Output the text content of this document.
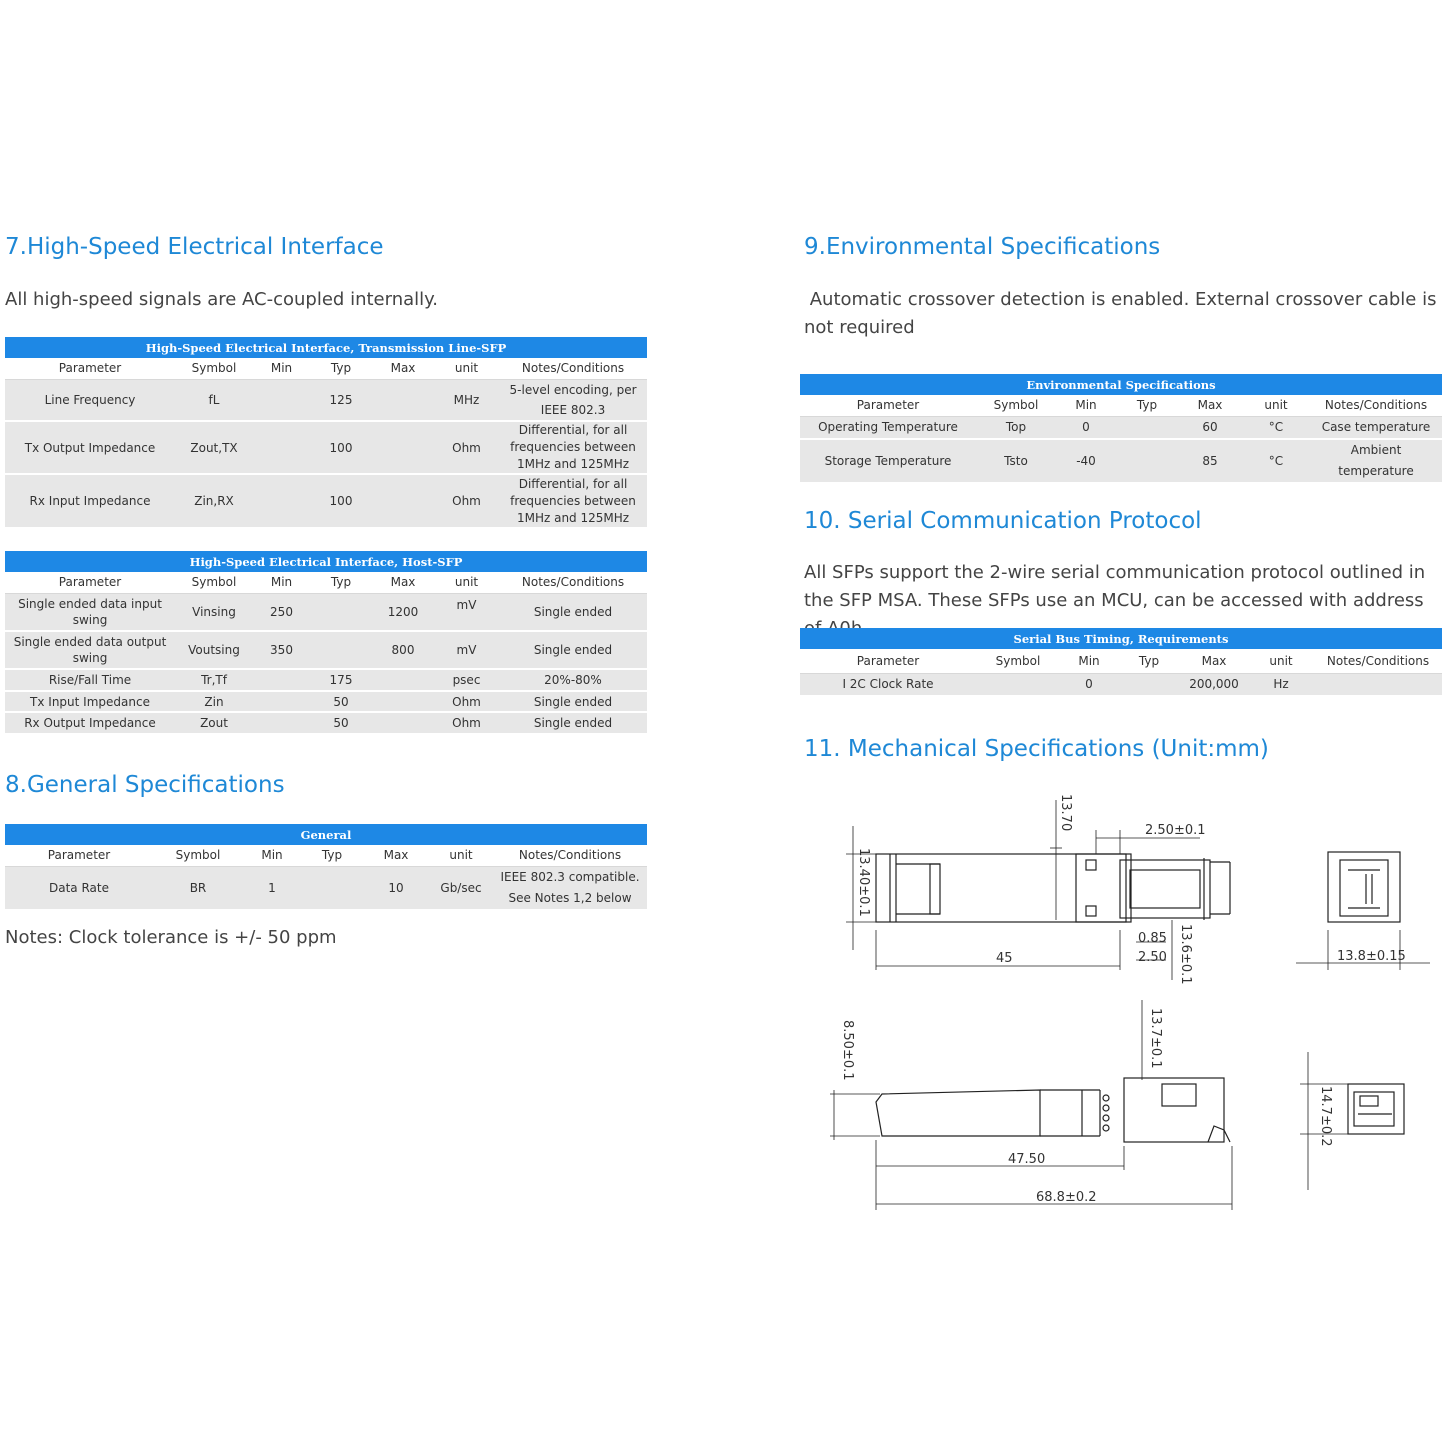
7.High-Speed Electrical Interface

All high-speed signals are AC-coupled internally.

High-Speed Electrical Interface, Transmission Line-SFP						
Parameter	Symbol	Min	Typ	Max	unit	Notes/Conditions
Line Frequency	fL		125		MHz	5-level encoding, per IEEE 802.3
Tx Output Impedance	Zout,TX		100		Ohm	Differential, for all frequencies between 1MHz and 125MHz
Rx Input Impedance	Zin,RX		100		Ohm	Differential, for all frequencies between 1MHz and 125MHz
High-Speed Electrical Interface, Host-SFP						
Parameter	Symbol	Min	Typ	Max	unit	Notes/Conditions
Single ended data input swing	Vinsing	250		1200	mV	Single ended
Single ended data output swing	Voutsing	350		800	mV	Single ended
Rise/Fall Time	Tr,Tf		175		psec	20%-80%
Tx Input Impedance	Zin		50		Ohm	Single ended
Rx Output Impedance	Zout		50		Ohm	Single ended
8.General Specifications
General						
Parameter	Symbol	Min	Typ	Max	unit	Notes/Conditions
Data Rate	BR	1		10	Gb/sec	IEEE 802.3 compatible. See Notes 1,2 below

Notes: Clock tolerance is +/- 50 ppm

9.Environmental Specifications

Automatic crossover detection is enabled. External crossover cable is not required

Environmental Specifications						
Parameter	Symbol	Min	Typ	Max	unit	Notes/Conditions
Operating Temperature	Top	0		60	°C	Case temperature
Storage Temperature	Tsto	-40		85	°C	Ambient temperature
10. Serial Communication Protocol

All SFPs support the 2-wire serial communication protocol outlined in the SFP MSA. These SFPs use an MCU, can be accessed with address

Serial Bus Timing, Requirements						
Parameter	Symbol	Min	Typ	Max	unit	Notes/Conditions
I 2C Clock Rate		0		200,000	Hz	
11. Mechanical Specifications (Unit:mm)
13.70	2.50±0.1
13.40±0.1
45
0.85
2.50 13.6±0.1	13.8±0.15
8.50±0.1	13.7±0.1
47.50
68.8±0.2
14.7±0.2
